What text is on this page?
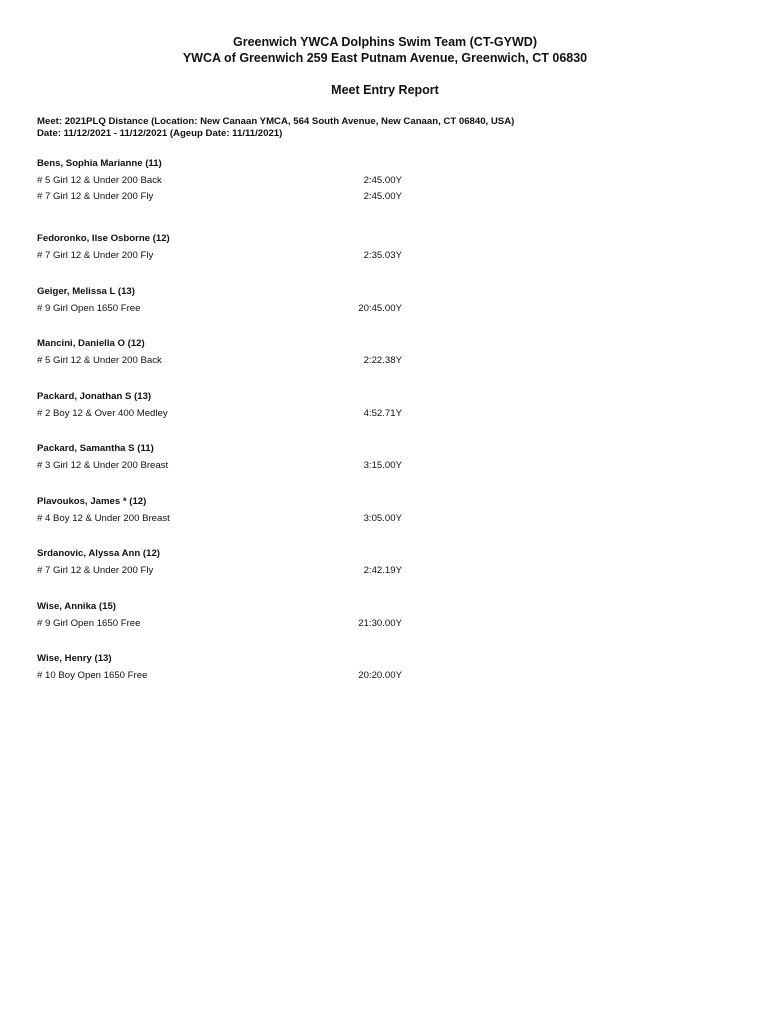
Greenwich YWCA Dolphins Swim Team (CT-GYWD)
YWCA of Greenwich 259 East Putnam Avenue, Greenwich, CT 06830
Meet Entry Report
Meet: 2021PLQ Distance (Location: New Canaan YMCA, 564 South Avenue, New Canaan, CT 06840, USA)
Date: 11/12/2021 - 11/12/2021 (Ageup Date: 11/11/2021)
Bens, Sophia Marianne (11)
# 5 Girl 12 & Under 200 Back	2:45.00Y
# 7 Girl 12 & Under 200 Fly	2:45.00Y
Fedoronko, Ilse Osborne (12)
# 7 Girl 12 & Under 200 Fly	2:35.03Y
Geiger, Melissa L (13)
# 9 Girl Open 1650 Free	20:45.00Y
Mancini, Daniella O (12)
# 5 Girl 12 & Under 200 Back	2:22.38Y
Packard, Jonathan S (13)
# 2 Boy 12 & Over 400 Medley	4:52.71Y
Packard, Samantha S (11)
# 3 Girl 12 & Under 200 Breast	3:15.00Y
Plavoukos, James * (12)
# 4 Boy 12 & Under 200 Breast	3:05.00Y
Srdanovic, Alyssa Ann (12)
# 7 Girl 12 & Under 200 Fly	2:42.19Y
Wise, Annika (15)
# 9 Girl Open 1650 Free	21:30.00Y
Wise, Henry (13)
# 10 Boy Open 1650 Free	20:20.00Y
